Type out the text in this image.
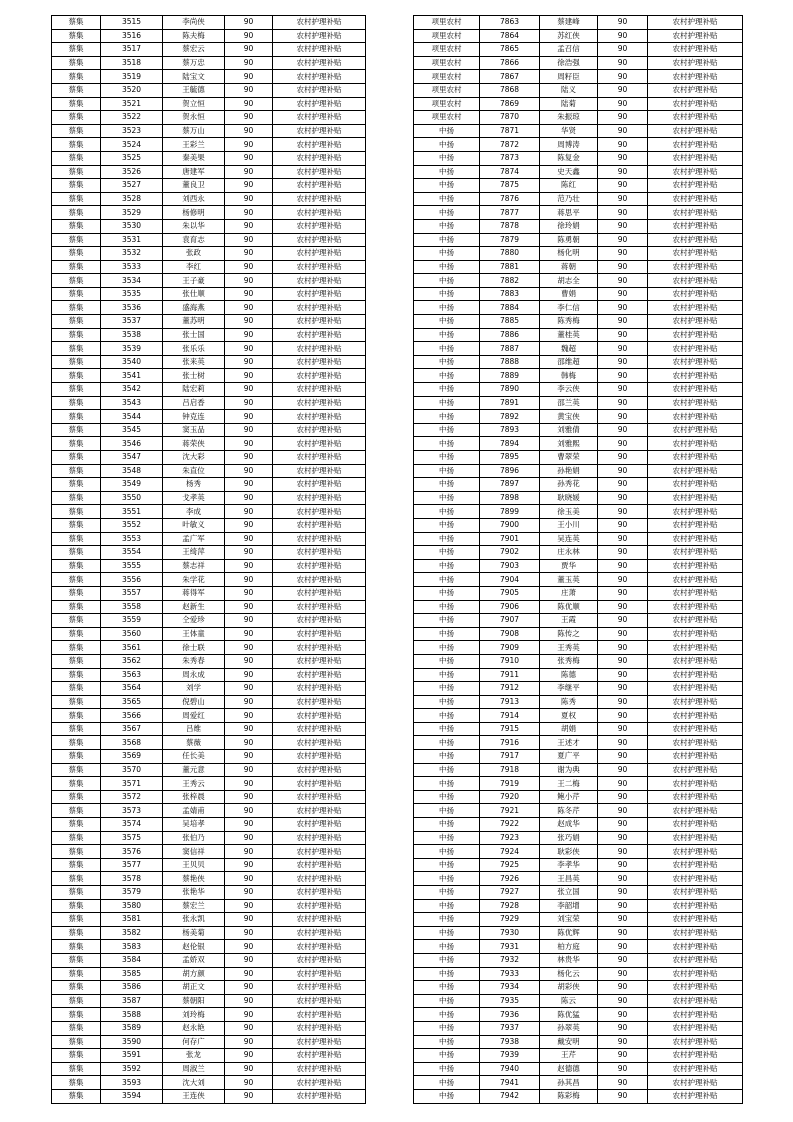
蔡集	3515	李尚侠	90	农村护理补贴
蔡集	3516	陈夫梅	90	农村护理补贴
蔡集	3517	蔡宏云	90	农村护理补贴
蔡集	3518	蔡万忠	90	农村护理补贴
蔡集	3519	陆宝文	90	农村护理补贴
蔡集	3520	王毓德	90	农村护理补贴
蔡集	3521	贺立恒	90	农村护理补贴
蔡集	3522	贺永恒	90	农村护理补贴
蔡集	3523	蔡万山	90	农村护理补贴
蔡集	3524	王彩兰	90	农村护理补贴
蔡集	3525	秦美果	90	农村护理补贴
蔡集	3526	唐建军	90	农村护理补贴
蔡集	3527	董良卫	90	农村护理补贴
蔡集	3528	刘西永	90	农村护理补贴
蔡集	3529	杨修明	90	农村护理补贴
蔡集	3530	朱以华	90	农村护理补贴
蔡集	3531	袁育志	90	农村护理补贴
蔡集	3532	张政	90	农村护理补贴
蔡集	3533	李红	90	农村护理补贴
蔡集	3534	王子豪	90	农村护理补贴
蔡集	3535	张仕顺	90	农村护理补贴
蔡集	3536	盛海燕	90	农村护理补贴
蔡集	3537	董苏明	90	农村护理补贴
蔡集	3538	张士国	90	农村护理补贴
蔡集	3539	张乐乐	90	农村护理补贴
蔡集	3540	张来英	90	农村护理补贴
蔡集	3541	张士树	90	农村护理补贴
蔡集	3542	陆宏莉	90	农村护理补贴
蔡集	3543	吕启香	90	农村护理补贴
蔡集	3544	钟克连	90	农村护理补贴
蔡集	3545	窦玉品	90	农村护理补贴
蔡集	3546	蒋荣侠	90	农村护理补贴
蔡集	3547	沈大彩	90	农村护理补贴
蔡集	3548	朱直位	90	农村护理补贴
蔡集	3549	杨秀	90	农村护理补贴
蔡集	3550	戈孝英	90	农村护理补贴
蔡集	3551	李成	90	农村护理补贴
蔡集	3552	叶敏义	90	农村护理补贴
蔡集	3553	孟广军	90	农村护理补贴
蔡集	3554	王绮萍	90	农村护理补贴
蔡集	3555	蔡志祥	90	农村护理补贴
蔡集	3556	朱学花	90	农村护理补贴
蔡集	3557	蒋得军	90	农村护理补贴
蔡集	3558	赵新生	90	农村护理补贴
蔡集	3559	仝爱珍	90	农村护理补贴
蔡集	3560	王体童	90	农村护理补贴
蔡集	3561	徐士联	90	农村护理补贴
蔡集	3562	朱秀春	90	农村护理补贴
蔡集	3563	周永成	90	农村护理补贴
蔡集	3564	刘学	90	农村护理补贴
蔡集	3565	倪碧山	90	农村护理补贴
蔡集	3566	周爱红	90	农村护理补贴
蔡集	3567	吕维	90	农村护理补贴
蔡集	3568	蔡薇	90	农村护理补贴
蔡集	3569	任长美	90	农村护理补贴
蔡集	3570	董元意	90	农村护理补贴
蔡集	3571	王秀云	90	农村护理补贴
蔡集	3572	张梓晨	90	农村护理补贴
蔡集	3573	孟婧甫	90	农村护理补贴
蔡集	3574	吴培孝	90	农村护理补贴
蔡集	3575	张伯乃	90	农村护理补贴
蔡集	3576	窦信祥	90	农村护理补贴
蔡集	3577	王贝贝	90	农村护理补贴
蔡集	3578	蔡艳侠	90	农村护理补贴
蔡集	3579	张艳华	90	农村护理补贴
蔡集	3580	蔡宏兰	90	农村护理补贴
蔡集	3581	张永凯	90	农村护理补贴
蔡集	3582	杨美菊	90	农村护理补贴
蔡集	3583	赵伦银	90	农村护理补贴
蔡集	3584	孟娇双	90	农村护理补贴
蔡集	3585	胡方颜	90	农村护理补贴
蔡集	3586	胡正文	90	农村护理补贴
蔡集	3587	蔡朝阳	90	农村护理补贴
蔡集	3588	刘玲梅	90	农村护理补贴
蔡集	3589	赵永艳	90	农村护理补贴
蔡集	3590	何存广	90	农村护理补贴
蔡集	3591	张龙	90	农村护理补贴
蔡集	3592	周淑兰	90	农村护理补贴
蔡集	3593	沈大刘	90	农村护理补贴
蔡集	3594	王连侠	90	农村护理补贴
项里农村	7863	蔡建峰	90	农村护理补贴
项里农村	7864	苏红侠	90	农村护理补贴
项里农村	7865	孟召信	90	农村护理补贴
项里农村	7866	徐浩强	90	农村护理补贴
项里农村	7867	周籽臣	90	农村护理补贴
项里农村	7868	陆义	90	农村护理补贴
项里农村	7869	陆菊	90	农村护理补贴
项里农村	7870	朱振琼	90	农村护理补贴
中扬	7871	华贤	90	农村护理补贴
中扬	7872	周博涛	90	农村护理补贴
中扬	7873	陈复金	90	农村护理补贴
中扬	7874	史天鑫	90	农村护理补贴
中扬	7875	陈红	90	农村护理补贴
中扬	7876	范乃壮	90	农村护理补贴
中扬	7877	蒋思平	90	农村护理补贴
中扬	7878	徐玲娟	90	农村护理补贴
中扬	7879	陈勇朝	90	农村护理补贴
中扬	7880	杨化明	90	农村护理补贴
中扬	7881	蒋朝	90	农村护理补贴
中扬	7882	胡志全	90	农村护理补贴
中扬	7883	曹娟	90	农村护理补贴
中扬	7884	李仁信	90	农村护理补贴
中扬	7885	陈秀梅	90	农村护理补贴
中扬	7886	董桂英	90	农村护理补贴
中扬	7887	魏超	90	农村护理补贴
中扬	7888	邵维超	90	农村护理补贴
中扬	7889	韩梅	90	农村护理补贴
中扬	7890	李云侠	90	农村护理补贴
中扬	7891	邵兰英	90	农村护理补贴
中扬	7892	黄宝侠	90	农村护理补贴
中扬	7893	刘雅倩	90	农村护理补贴
中扬	7894	刘雅熙	90	农村护理补贴
中扬	7895	曹翠荣	90	农村护理补贴
中扬	7896	孙艳娟	90	农村护理补贴
中扬	7897	孙秀花	90	农村护理补贴
中扬	7898	耿晓媛	90	农村护理补贴
中扬	7899	徐玉美	90	农村护理补贴
中扬	7900	王小川	90	农村护理补贴
中扬	7901	吴连英	90	农村护理补贴
中扬	7902	庄永林	90	农村护理补贴
中扬	7903	贾华	90	农村护理补贴
中扬	7904	董玉英	90	农村护理补贴
中扬	7905	庄萧	90	农村护理补贴
中扬	7906	陈优顺	90	农村护理补贴
中扬	7907	王霞	90	农村护理补贴
中扬	7908	陈传之	90	农村护理补贴
中扬	7909	王秀英	90	农村护理补贴
中扬	7910	张秀梅	90	农村护理补贴
中扬	7911	陈德	90	农村护理补贴
中扬	7912	李继平	90	农村护理补贴
中扬	7913	陈秀	90	农村护理补贴
中扬	7914	夏权	90	农村护理补贴
中扬	7915	胡娟	90	农村护理补贴
中扬	7916	王述才	90	农村护理补贴
中扬	7917	夏广平	90	农村护理补贴
中扬	7918	谢为典	90	农村护理补贴
中扬	7919	王二梅	90	农村护理补贴
中扬	7920	鲍小芹	90	农村护理补贴
中扬	7921	陈冬芹	90	农村护理补贴
中扬	7922	赵成华	90	农村护理补贴
中扬	7923	张巧娟	90	农村护理补贴
中扬	7924	耿彩侠	90	农村护理补贴
中扬	7925	李孝华	90	农村护理补贴
中扬	7926	王昌英	90	农村护理补贴
中扬	7927	张立国	90	农村护理补贴
中扬	7928	李韶增	90	农村护理补贴
中扬	7929	刘宝荣	90	农村护理补贴
中扬	7930	陈优辉	90	农村护理补贴
中扬	7931	柏方庭	90	农村护理补贴
中扬	7932	林贵华	90	农村护理补贴
中扬	7933	杨化云	90	农村护理补贴
中扬	7934	胡彩侠	90	农村护理补贴
中扬	7935	陈云	90	农村护理补贴
中扬	7936	陈优猛	90	农村护理补贴
中扬	7937	孙翠英	90	农村护理补贴
中扬	7938	戴安明	90	农村护理补贴
中扬	7939	王芹	90	农村护理补贴
中扬	7940	赵德德	90	农村护理补贴
中扬	7941	孙其昌	90	农村护理补贴
中扬	7942	陈彩梅	90	农村护理补贴
